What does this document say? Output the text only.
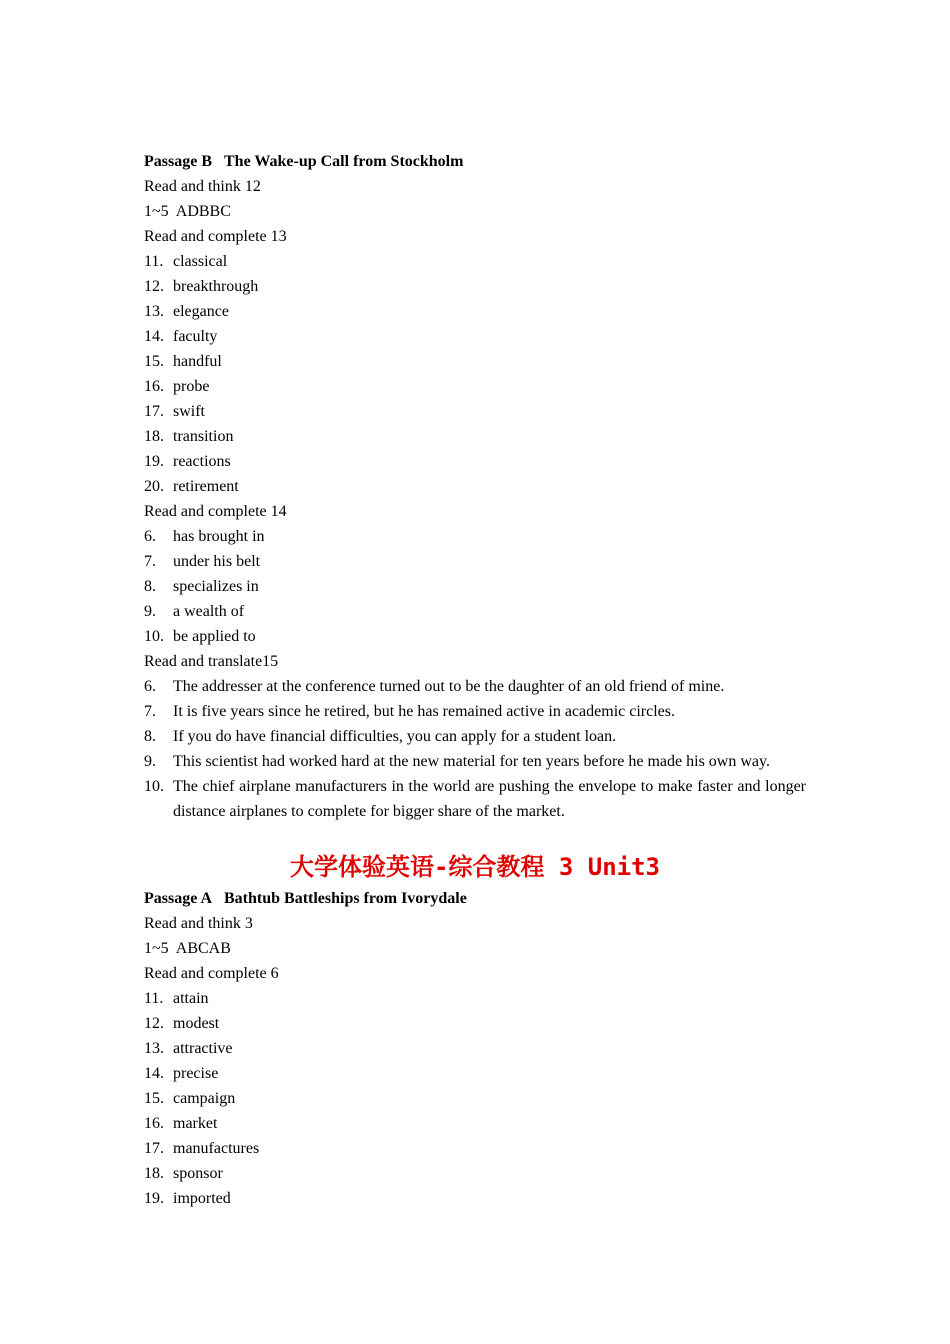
Passage B The Wake-up Call from Stockholm
Read and think 12
1~5  ADBBC
Read and complete 13
11. classical
12. breakthrough
13. elegance
14. faculty
15. handful
16. probe
17. swift
18. transition
19. reactions
20. retirement
Read and complete 14
6. has brought in
7. under his belt
8. specializes in
9. a wealth of
10. be applied to
Read and translate15
6.	The addresser at the conference turned out to be the daughter of an old friend of mine.
7.	It is five years since he retired, but he has remained active in academic circles.
8.	If you do have financial difficulties, you can apply for a student loan.
9.	This scientist had worked hard at the new material for ten years before he made his own way.
10. The chief airplane manufacturers in the world are pushing the envelope to make faster and longer distance airplanes to complete for bigger share of the market.
大学体验英语-综合教程 3 Unit3
Passage A Bathtub Battleships from Ivorydale
Read and think 3
1~5  ABCAB
Read and complete 6
11. attain
12. modest
13. attractive
14. precise
15. campaign
16. market
17. manufactures
18. sponsor
19. imported
